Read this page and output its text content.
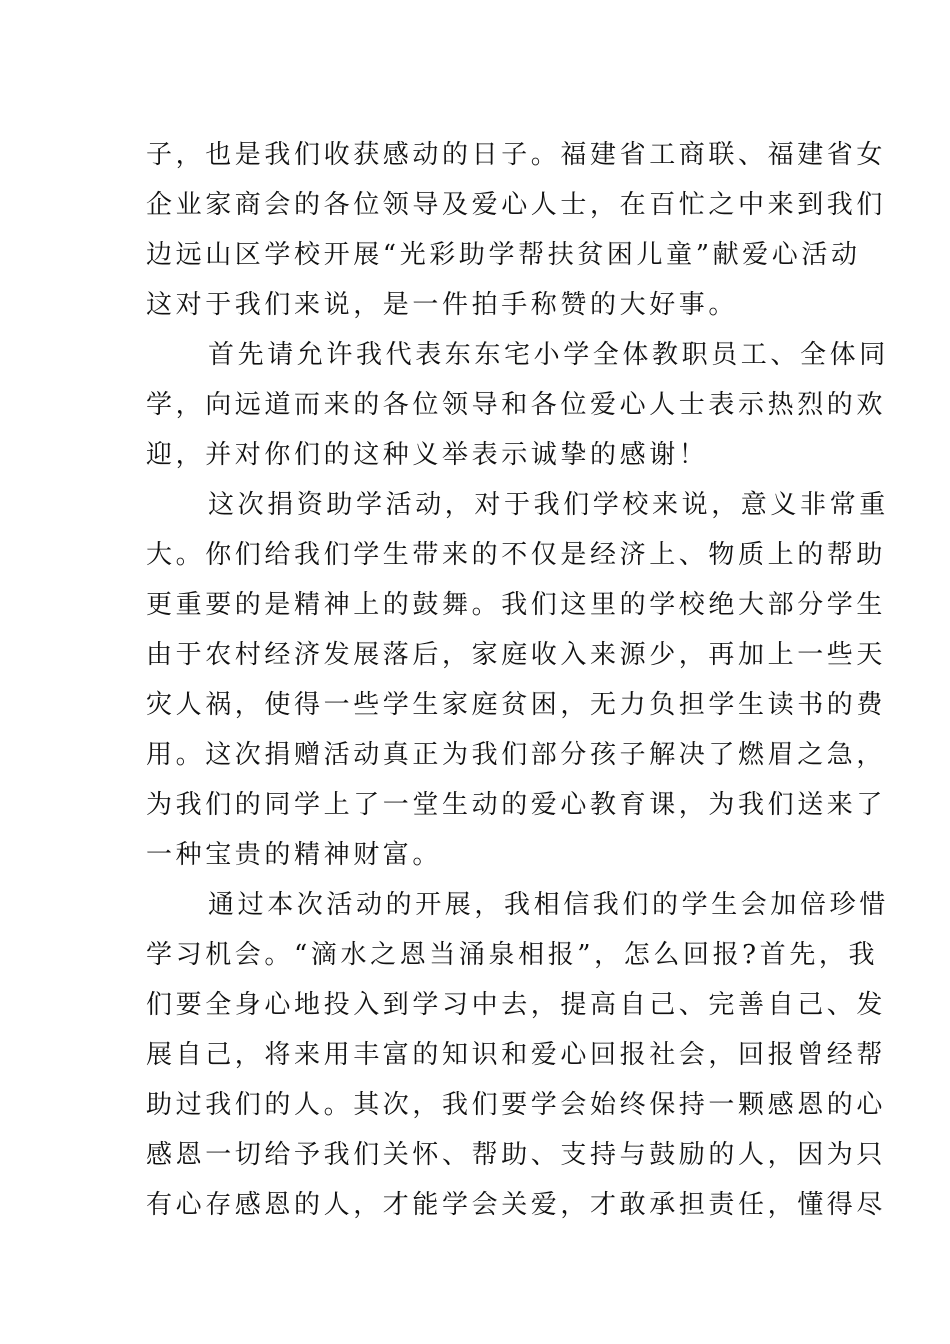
子，也是我们收获感动的日子。福建省工商联、福建省女
企业家商会的各位领导及爱心人士，在百忙之中来到我们
边远山区学校开展“光彩助学帮扶贫困儿童”献爱心活动
这对于我们来说，是一件拍手称赞的大好事。
首先请允许我代表东东宅小学全体教职员工、全体同
学，向远道而来的各位领导和各位爱心人士表示热烈的欢
迎，并对你们的这种义举表示诚挚的感谢！
这次捐资助学活动，对于我们学校来说，意义非常重
大。你们给我们学生带来的不仅是经济上、物质上的帮助
更重要的是精神上的鼓舞。我们这里的学校绝大部分学生
由于农村经济发展落后，家庭收入来源少，再加上一些天
灾人祸，使得一些学生家庭贫困，无力负担学生读书的费
用。这次捐赠活动真正为我们部分孩子解决了燃眉之急，
为我们的同学上了一堂生动的爱心教育课，为我们送来了
一种宝贵的精神财富。
通过本次活动的开展，我相信我们的学生会加倍珍惜
学习机会。“滴水之恩当涌泉相报”，怎么回报?首先，我
们要全身心地投入到学习中去，提高自己、完善自己、发
展自己，将来用丰富的知识和爱心回报社会，回报曾经帮
助过我们的人。其次，我们要学会始终保持一颗感恩的心
感恩一切给予我们关怀、帮助、支持与鼓励的人，因为只
有心存感恩的人，才能学会关爱，才敢承担责任，懂得尽
